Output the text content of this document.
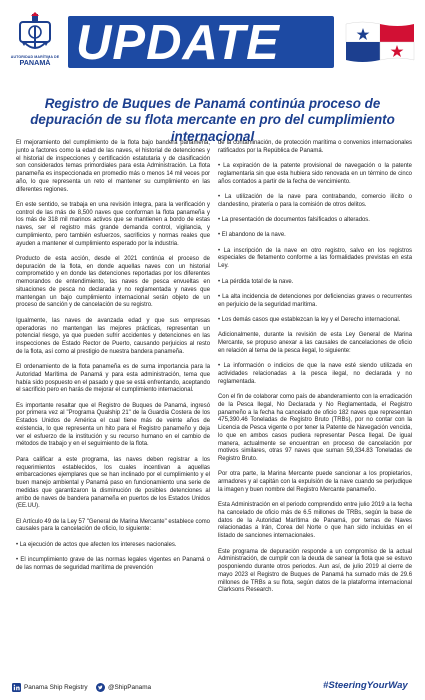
AUTORIDAD MARÍTIMA DE
PANAMÁ UPDATE
Registro de Buques de Panamá continúa proceso de depuración de su flota mercante en pro del cumplimiento internacional

El mejoramiento del cumplimiento de la flota bajo bandera panameña, junto a factores como la edad de las naves, el historial de detenciones y el historial de inspecciones y certificación estatutaria y de clasificación son considerados temas primordiales para esta Administración. La flota panameña es inspeccionada en promedio más o menos 14 mil veces por año, lo que representa un reto el mantener su cumplimiento en las diferentes regiones.

En este sentido, se trabaja en una revisión íntegra, para la verificación y control de las más de 8,500 naves que conforman la flota panameña y los más de 318 mil marinos activos que se mantienen a bordo de estas naves, ser el registro más grande demanda control, vigilancia, y cumplimiento, pero también esfuerzos, sacrificios y normas reales que ayuden a mantener el cumplimiento esperado por la industria.

Producto de esta acción, desde el 2021 continúa el proceso de depuración de la flota, en donde aquellas naves con un historial comprometido y en donde las detenciones reportadas por los diferentes memorandos de entendimiento, las naves de pesca envueltas en situaciones de pesca no declarada y no reglamentada y naves que mantengan un bajo cumplimiento internacional serán objeto de un proceso de sanción y de cancelación de su registro.

Igualmente, las naves de avanzada edad y que sus empresas operadoras no mantengan las mejores prácticas, representan un potencial riesgo, ya que pueden sufrir accidentes y detenciones en las inspecciones de Estado Rector de Puerto, causando perjuicios al resto de la flota, así como al prestigio de nuestra bandera panameña.

El ordenamiento de la flota panameña es de suma importancia para la Autoridad Marítima de Panamá y para esta administración, tema que había sido pospuesto en el pasado y que se está enfrentando, aceptando el sacrificio pero en harás de mejorar el cumplimiento internacional.

Es importante resaltar que el Registro de Buques de Panamá, ingresó por primera vez al "Programa Qualship 21" de la Guardia Costera de los Estados Unidos de América el cual tiene más de veinte años de existencia, lo que representa un hito para el Registro panameño y deja ver el esfuerzo de la institución y su recurso humano en el cambio de métodos de trabajo y en el seguimiento de la flota.

Para calificar a este programa, las naves deben registrar a los requerimientos establecidos, los cuales incentivan a aquellas embarcaciones ejemplares que se han inclinado por el cumplimiento y el buen manejo ambiental y Panamá paso en funcionamiento una serie de medidas que garantizaron la disminución de posibles detenciones al arribo de naves de bandera panameña en puertos de los Estados Unidos (EE.UU).

El Artículo 49 de la Ley 57 "General de Marina Mercante" establece como causales para la cancelación de oficio, lo siguiente:

• La ejecución de actos que afecten los intereses nacionales.

• El incumplimiento grave de las normas legales vigentes en Panamá o de las normas de seguridad marítima de prevención

de la contaminación, de protección marítima o convenios internacionales ratificados por la República de Panamá.

• La expiración de la patente provisional de navegación o la patente reglamentaria sin que esta hubiera sido renovada en un término de cinco años contados a partir de la fecha de vencimiento.

• La utilización de la nave para contrabando, comercio ilícito o clandestino, piratería o para la comisión de otros delitos.

• La presentación de documentos falsificados o alterados.

• El abandono de la nave.

• La inscripción de la nave en otro registro, salvo en los registros especiales de fletamento conforme a las formalidades previstas en esta Ley.

• La pérdida total de la nave.

• La alta incidencia de detenciones por deficiencias graves o recurrentes en perjuicio de la seguridad marítima.

• Los demás casos que establezcan la ley y el Derecho internacional.

Adicionalmente, durante la revisión de esta Ley General de Marina Mercante, se propuso anexar a las causales de cancelaciones de oficio en relación al tema de la pesca ilegal, lo siguiente:

• La información o indicios de que la nave esté siendo utilizada en actividades relacionadas a la pesca ilegal, no declarada y no reglamentada.

Con el fin de colaborar como país de abanderamiento con la erradicación de la Pesca Ilegal, No Declarada y No Reglamentada, el Registro panameño a la fecha ha cancelado de oficio 182 naves que representan 475,390.46 Toneladas de Registro Bruto (TRBs), por no contar con la Licencia de Pesca vigente o por tener la Patente de Navegación vencida, lo que en ambos casos pudiera representar Pesca Ilegal. De igual manera, actualmente se encuentran en proceso de cancelación por motivos similares, otras 97 naves que suman 59,334.83 Toneladas de Registro Bruto.

Por otra parte, la Marina Mercante puede sancionar a los propietarios, armadores y al capitán con la expulsión de la nave cuando se perjudique la imagen y buen nombre del Registro Mercante panameño.

Esta Administración en el periodo comprendido entre julio 2019 a la fecha ha cancelado de oficio más de 6.5 millones de TRBs, según la base de datos de la Autoridad Marítima de Panamá, por temas de Naves relacionadas a Irán, Corea del Norte o que han sido incluidas en el listado de sanciones internacionales.

Este programa de depuración responde a un compromiso de la actual Administración, de cumplir con la deuda de sanear la flota que se estuvo posponiendo durante otros periodos. Aun así, de julio 2019 al cierre de mayo 2023 el Registro de Buques de Panamá ha sumado más de 29.6 millones de TRBs a su flota, según datos de la plataforma internacional Clarksons Research.

Panama Ship Registry	@ShipPanama	#SteeringYourWay
